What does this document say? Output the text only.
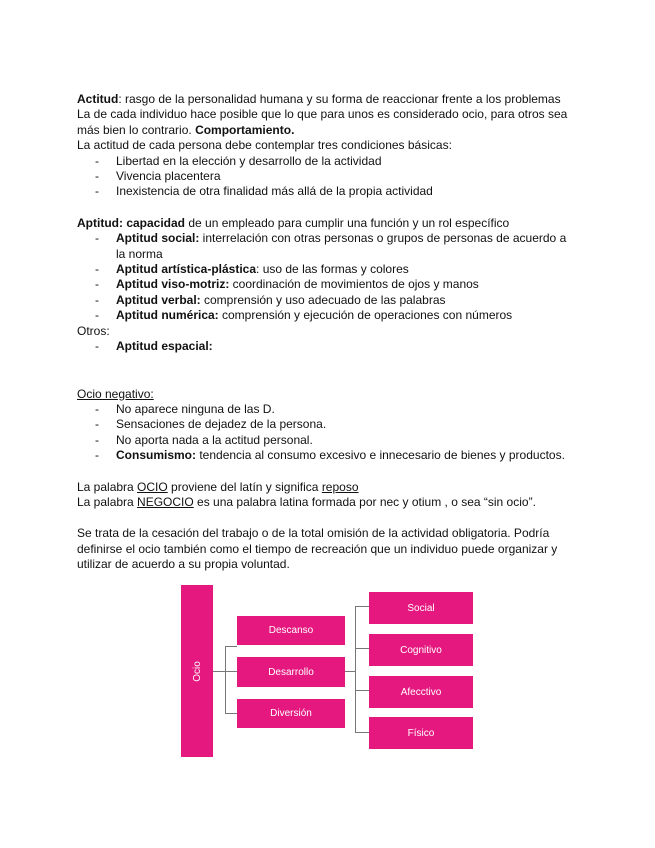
Actitud: rasgo de la personalidad humana y su forma de reaccionar frente a los problemas

La de cada individuo hace posible que lo que para unos es considerado ocio, para otros sea más bien lo contrario. Comportamiento.

La actitud de cada persona debe contemplar tres condiciones básicas:

- Libertad en la elección y desarrollo de la actividad
- Vivencia placentera
- Inexistencia de otra finalidad más allá de la propia actividad

Aptitud: capacidad de un empleado para cumplir una función y un rol específico

- Aptitud social: interrelación con otras personas o grupos de personas de acuerdo a la norma
- Aptitud artística-plástica: uso de las formas y colores
- Aptitud viso-motriz: coordinación de movimientos de ojos y manos
- Aptitud verbal: comprensión y uso adecuado de las palabras
- Aptitud numérica: comprensión y ejecución de operaciones con números

Otros:

- Aptitud espacial:

Ocio negativo:

- No aparece ninguna de las D.
- Sensaciones de dejadez de la persona.
- No aporta nada a la actitud personal.
- Consumismo: tendencia al consumo excesivo e innecesario de bienes y productos.

La palabra OCIO proviene del latín y significa reposo

La palabra NEGOCIO es una palabra latina formada por nec y otium , o sea “sin ocio”.

Se trata de la cesación del trabajo o de la total omisión de la actividad obligatoria. Podría definirse el ocio también como el tiempo de recreación que un individuo puede organizar y utilizar de acuerdo a su propia voluntad.

Ocio
Descanso
Desarrollo
Diversión
Social
Cognitivo
Afecctivo
Físico
